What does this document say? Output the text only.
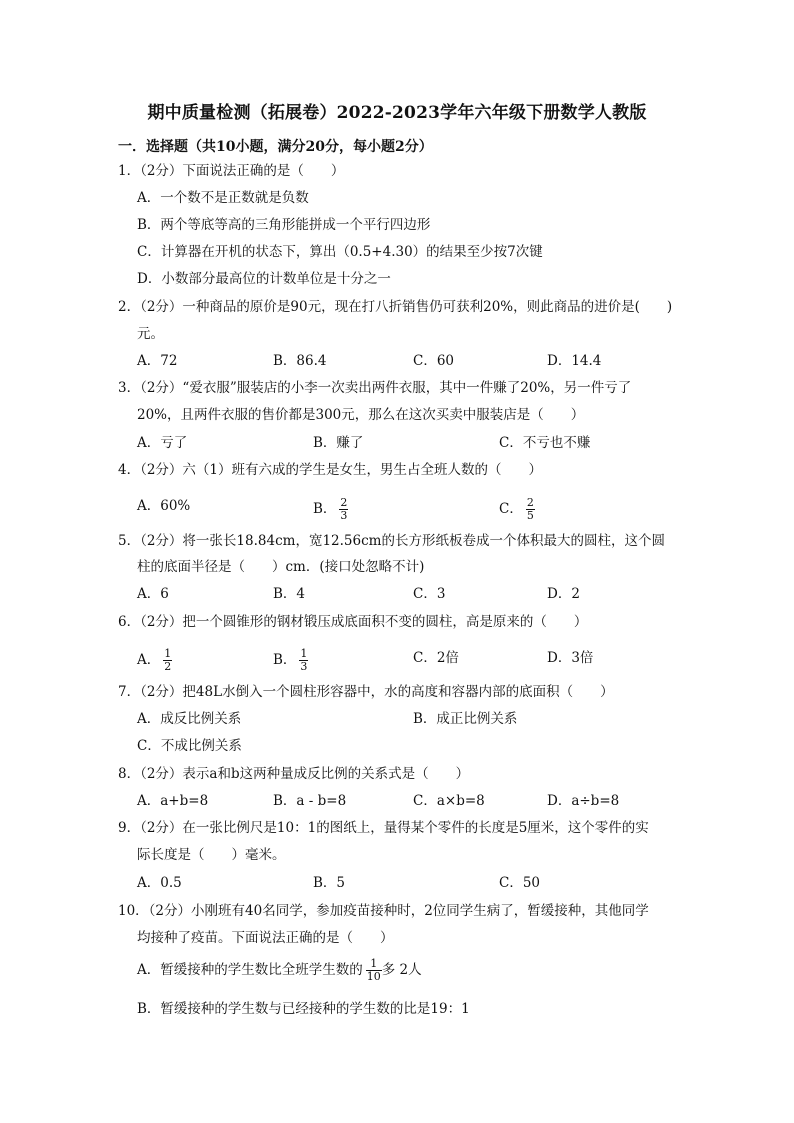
期中质量检测（拓展卷）2022-2023学年六年级下册数学人教版
一．选择题（共10小题，满分20分，每小题2分）
1．（2分）下面说法正确的是（　　）
A．一个数不是正数就是负数
B．两个等底等高的三角形能拼成一个平行四边形
C．计算器在开机的状态下，算出（0.5+4.30）的结果至少按7次键
D．小数部分最高位的计数单位是十分之一
2．（2分）一种商品的原价是90元，现在打八折销售仍可获利20%，则此商品的进价是(　　)
元。
A．72	B．86.4	C．60	D．14.4
3．（2分）“爱衣服”服装店的小李一次卖出两件衣服，其中一件赚了20%，另一件亏了
20%，且两件衣服的售价都是300元，那么在这次买卖中服装店是（　　）
A．亏了	B．赚了	C．不亏也不赚
4．（2分）六（1）班有六成的学生是女生，男生占全班人数的（　　）
A．60%	B． $\frac{2}{3}$	C． $\frac{2}{5}$
5．（2分）将一张长18.84cm，宽12.56cm的长方形纸板卷成一个体积最大的圆柱，这个圆
柱的底面半径是（　　）cm．(接口处忽略不计)
A．6	B．4	C．3	D．2
6．（2分）把一个圆锥形的钢材锻压成底面积不变的圆柱，高是原来的（　　）
A． $\frac{1}{2}$	B． $\frac{1}{3}$	C．2倍	D．3倍
7．（2分）把48L水倒入一个圆柱形容器中，水的高度和容器内部的底面积（　　）
A．成反比例关系	B．成正比例关系
C．不成比例关系
8．（2分）表示a和b这两种量成反比例的关系式是（　　）
A．a+b=8	B．a - b=8	C．a×b=8	D．a÷b=8
9．（2分）在一张比例尺是10：1的图纸上，量得某个零件的长度是5厘米，这个零件的实
际长度是（　　）毫米。
A．0.5	B．5	C．50
10．（2分）小刚班有40名同学，参加疫苗接种时，2位同学生病了，暂缓接种，其他同学
均接种了疫苗。下面说法正确的是（　　）
A．暂缓接种的学生数比全班学生数的 $\frac{1}{10}$ 多 2人
B．暂缓接种的学生数与已经接种的学生数的比是19：1
